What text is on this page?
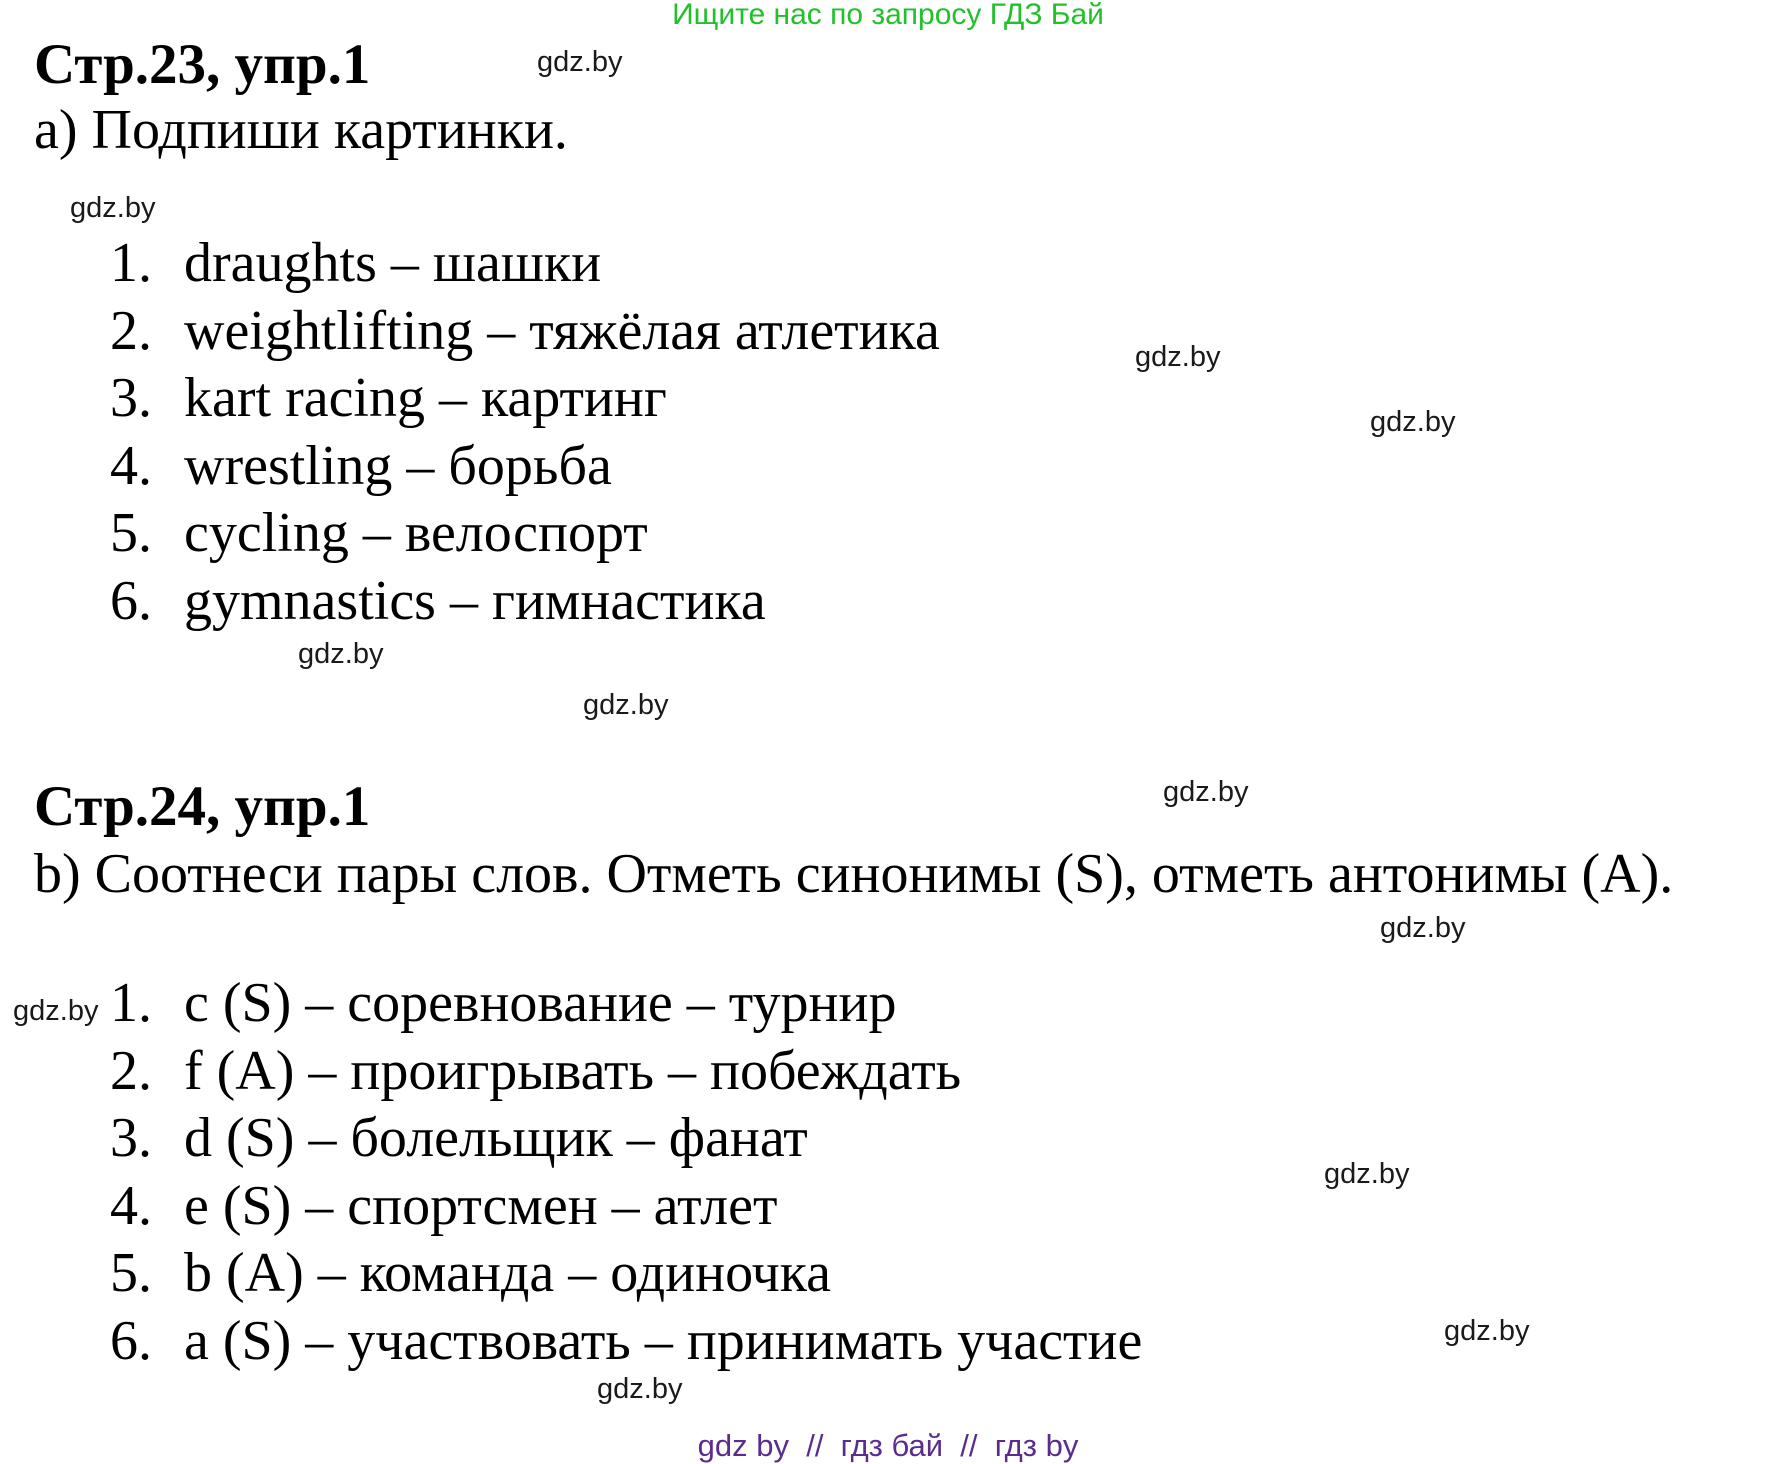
Ищите нас по запросу ГДЗ Бай
Стр.23, упр.1
a) Подпиши картинки.
1. draughts – шашки
2. weightlifting – тяжёлая атлетика
3. kart racing – картинг
4. wrestling – борьба
5. cycling – велоспорт
6. gymnastics – гимнастика
Стр.24, упр.1
b) Соотнеси пары слов. Отметь синонимы (S), отметь антонимы (A).
1. c (S) – соревнование – турнир
2. f (A) – проигрывать – побеждать
3. d (S) – болельщик – фанат
4. e (S) – спортсмен – атлет
5. b (A) – команда – одиночка
6. a (S) – участвовать – принимать участие
gdz.by
gdz.by
gdz.by
gdz.by
gdz.by
gdz.by
gdz.by
gdz.by
gdz.by
gdz.by
gdz.by
gdz.by
gdz by  //  гдз бай  //  гдз by
